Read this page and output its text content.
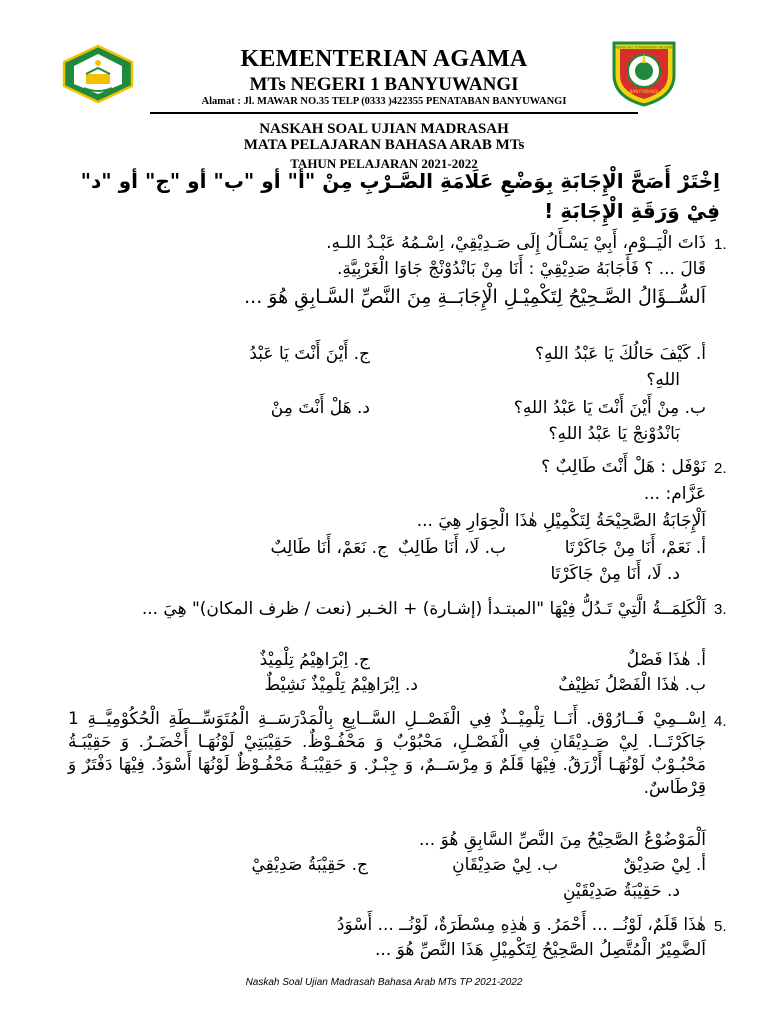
KEMENTERIAN AGAMA
MTs NEGERI 1 BANYUWANGI
Alamat : Jl. MAWAR NO.35 TELP (0333 )422355 PENATABAN BANYUWANGI
MADRASAH TSANAWIYAH NEGERI 1
BANYUWANGI
NASKAH SOAL UJIAN MADRASAH
MATA PELAJARAN BAHASA ARAB MTs
TAHUN PELAJARAN 2021-2022
اِخْتَرْ أَصَحَّ الْإِجَابَةِ بِوَضْعِ عَلَامَةِ الصَّـرْبِ مِنْ "أ" أو "ب" أو "ج" أو "د" فِيْ وَرَقَةِ الْإِجَابَةِ !
1.
ذَاتَ الْيَــوْمِ، أَبِيْ يَسْـأَلُ إِلَى صَـدِيْقِيْ، اِسْـمُهُ عَبْـدُ اللـهِ.
قَالَ ... ؟ فَأَجَابَهُ صَدِيْقِيْ : أَنَا مِنْ بَانْدُوْنْجْ جَاوَا الْغَرْبِيَّةِ.
اَلسُّــؤَالُ الصَّـحِيْحُ لِتَكْمِيْـلِ الْإِجَابَــةِ مِنَ النَّصِّ السَّـابِقِ هُوَ ...
أ. كَيْفَ حَالُكَ يَا عَبْدُ اللهِ؟
ج. أَيْنَ أَنْتَ يَا عَبْدُ
اللهِ؟
ب. مِنْ أَيْنَ أَنْتَ يَا عَبْدُ اللهِ؟
د. هَلْ أَنْتَ مِنْ
بَانْدُوْنجْ يَا عَبْدُ اللهِ؟
2.
نَوْفَل : هَلْ أَنْتَ طَالِبٌ ؟
عَزَّام: ...
اَلْإِجَابَةُ الصَّحِيْحَةُ لِتَكْمِيْلِ هٰذَا الْحِوَارِ هِيَ ...
أ. نَعَمْ، أَنَا مِنْ جَاكَرْتَا
ب. لَا، أَنَا طَالِبٌ
ج. نَعَمْ، أَنَا طَالِبٌ
د. لَا، أَنَا مِنْ جَاكَرْتَا
3.
اَلْكَلِمَــةُ الَّتِيْ تَـدُلُّ فِيْهَا "المبتـدأ (إشـارة) + الخـبر (نعت / ظرف المكان)" هِيَ ...
أ. هٰذَا فَصْلٌ
ج. اِبْرَاهِيْمُ تِلْمِيْذٌ
ب. هٰذَا الْفَصْلُ نَظِيْفٌ
د. اِبْرَاهِيْمُ تِلْمِيْذٌ نَشِيْطٌ
4.
اِسْــمِيْ فَــارُوْق. أَنَــا تِلْمِيْــذٌ فِي الْفَصْــلِ السَّــابِعِ بِالْمَدْرَسَــةِ الْمُتَوَسِّــطَةِ الْحُكُوْمِيَّــةِ 1 جَاكَرْتَــا. لِيْ صَـدِيْقَانِ فِي الْفَصْـلِ، مَحْبُوْبٌ وَ مَحْفُـوْظٌ. حَقِيْبَتِيْ لَوْنُهَـا أَخْضَـرُ. وَ حَقِيْبَـةُ مَحْبُـوْبٌ لَوْنُهَـا أَزْرَقُ. فِيْهَا قَلَمٌ وَ مِرْسَــمٌ، وَ جِبْـرٌ. وَ حَقِيْبَـةُ مَحْفُـوْظٌ لَوْنُهَا أَسْوَدُ. فِيْهَا دَفْتَرٌ وَ قِرْطَاسٌ.
اَلْمَوْضُوْعُ الصَّحِيْحُ مِنَ النَّصِّ السَّابِقِ هُوَ ...
أ. لِيْ صَدِيْقٌ
ب. لِيْ صَدِيْقَانِ
ج. حَقِيْبَةُ صَدِيْقِيْ
د. حَقِيْبَةُ صَدِيْقَيْنِ
5.
هٰذَا قَلَمٌ، لَوْنُــ ... أَحْمَرُ. وَ هٰذِهِ مِسْطَرَةٌ، لَوْنُــ ... أَسْوَدُ
اَلضَّمِيْرُ الْمُتَّصِلُ الصَّحِيْحُ لِتَكْمِيْلِ هَذَا النَّصِّ هُوَ ...
Naskah Soal Ujian Madrasah Bahasa Arab MTs TP 2021-2022
